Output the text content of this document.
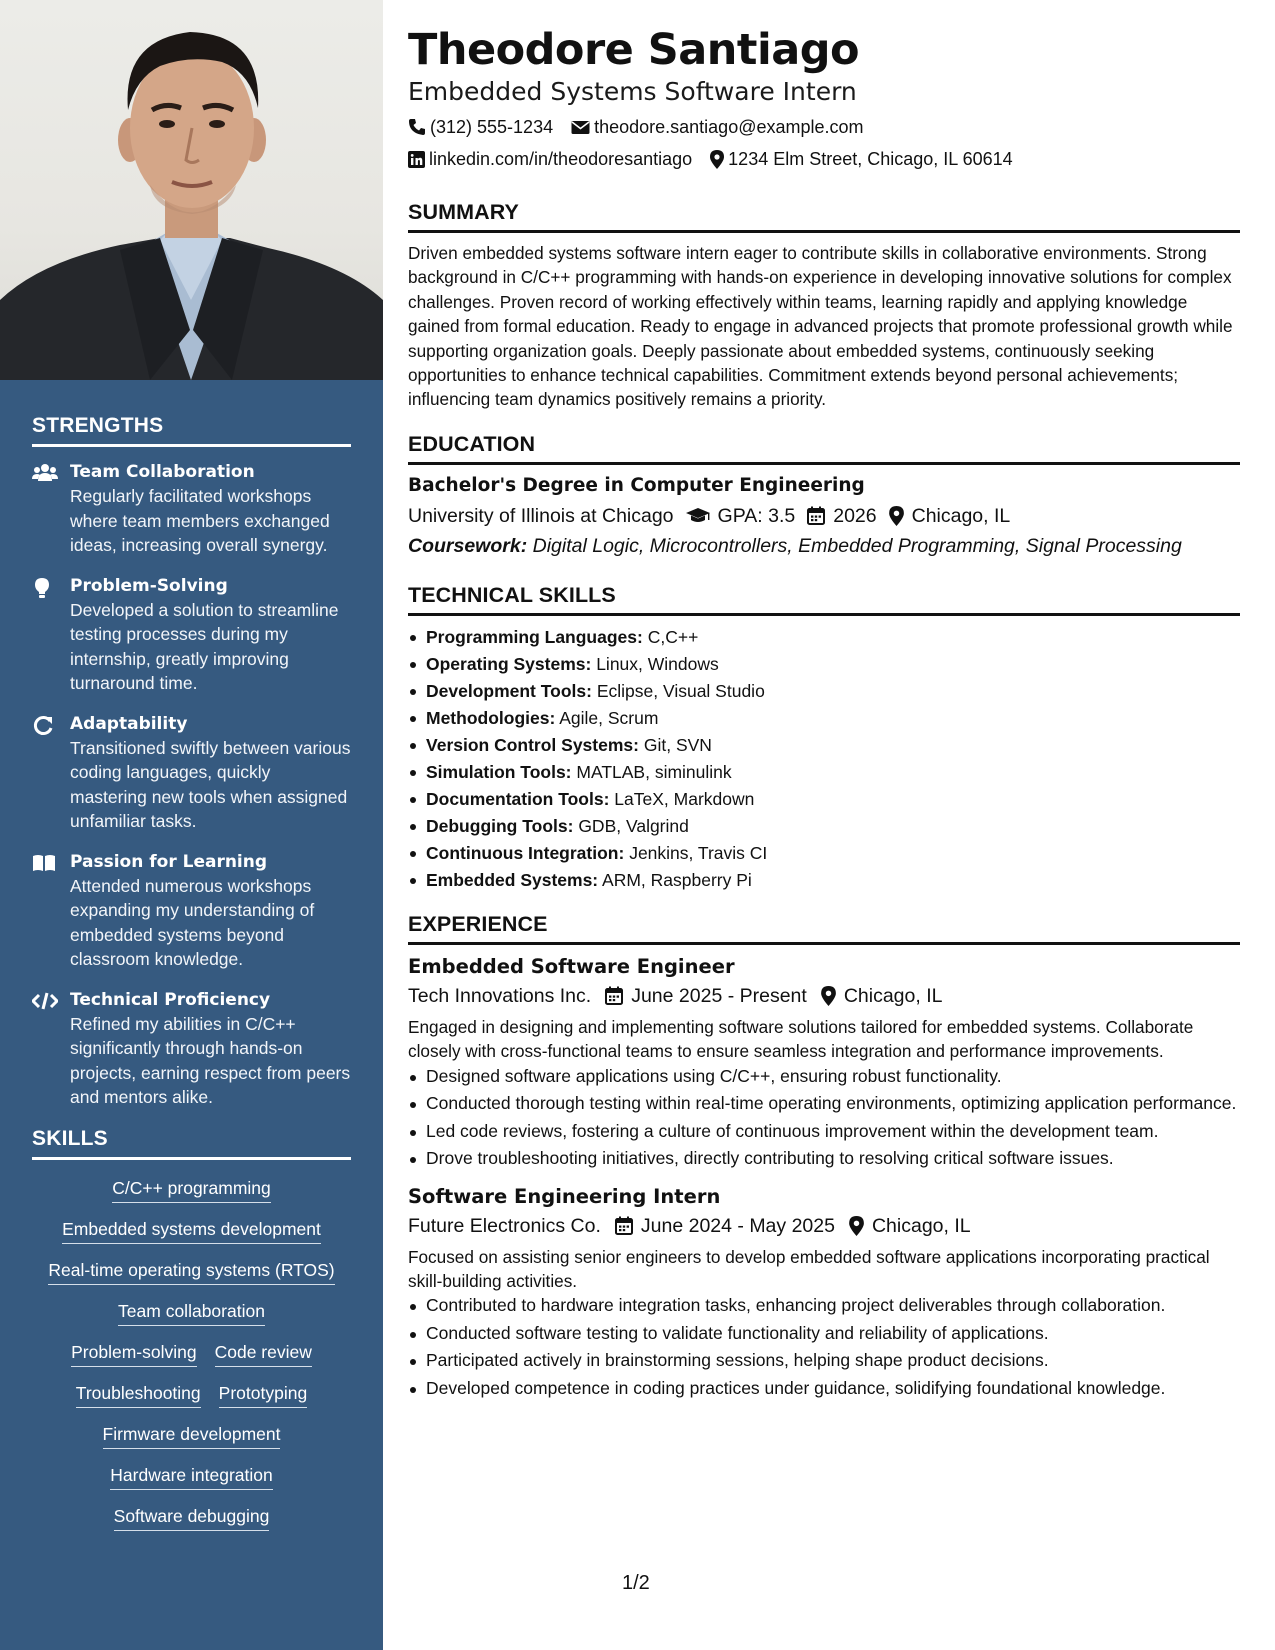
STRENGTHS
Team Collaboration
Regularly facilitated workshops where team members exchanged ideas, increasing overall synergy.
Problem-Solving
Developed a solution to streamline testing processes during my internship, greatly improving turnaround time.
Adaptability
Transitioned swiftly between various coding languages, quickly mastering new tools when assigned unfamiliar tasks.
Passion for Learning
Attended numerous workshops expanding my understanding of embedded systems beyond classroom knowledge.
Technical Proficiency
Refined my abilities in C/C++ significantly through hands-on projects, earning respect from peers and mentors alike.
SKILLS
C/C++ programming
Embedded systems development
Real-time operating systems (RTOS)
Team collaboration
Problem-solving Code review
Troubleshooting Prototyping
Firmware development
Hardware integration
Software debugging
Theodore Santiago
Embedded Systems Software Intern
(312) 555-1234 theodore.santiago@example.com
linkedin.com/in/theodoresantiago 1234 Elm Street, Chicago, IL 60614
SUMMARY

Driven embedded systems software intern eager to contribute skills in collaborative environments. Strong background in C/C++ programming with hands-on experience in developing innovative solutions for complex challenges. Proven record of working effectively within teams, learning rapidly and applying knowledge gained from formal education. Ready to engage in advanced projects that promote professional growth while supporting organization goals. Deeply passionate about embedded systems, continuously seeking opportunities to enhance technical capabilities. Commitment extends beyond personal achievements; influencing team dynamics positively remains a priority.

EDUCATION
Bachelor's Degree in Computer Engineering
University of Illinois at Chicago GPA: 3.5 2026 Chicago, IL
Coursework: Digital Logic, Microcontrollers, Embedded Programming, Signal Processing
TECHNICAL SKILLS
Programming Languages: C,C++
Operating Systems: Linux, Windows
Development Tools: Eclipse, Visual Studio
Methodologies: Agile, Scrum
Version Control Systems: Git, SVN
Simulation Tools: MATLAB, siminulink
Documentation Tools: LaTeX, Markdown
Debugging Tools: GDB, Valgrind
Continuous Integration: Jenkins, Travis CI
Embedded Systems: ARM, Raspberry Pi
EXPERIENCE
Embedded Software Engineer
Tech Innovations Inc. June 2025 - Present Chicago, IL
Engaged in designing and implementing software solutions tailored for embedded systems. Collaborate closely with cross-functional teams to ensure seamless integration and performance improvements.
Designed software applications using C/C++, ensuring robust functionality.
Conducted thorough testing within real-time operating environments, optimizing application performance.
Led code reviews, fostering a culture of continuous improvement within the development team.
Drove troubleshooting initiatives, directly contributing to resolving critical software issues.
Software Engineering Intern
Future Electronics Co. June 2024 - May 2025 Chicago, IL
Focused on assisting senior engineers to develop embedded software applications incorporating practical skill-building activities.
Contributed to hardware integration tasks, enhancing project deliverables through collaboration.
Conducted software testing to validate functionality and reliability of applications.
Participated actively in brainstorming sessions, helping shape product decisions.
Developed competence in coding practices under guidance, solidifying foundational knowledge.
1/2
